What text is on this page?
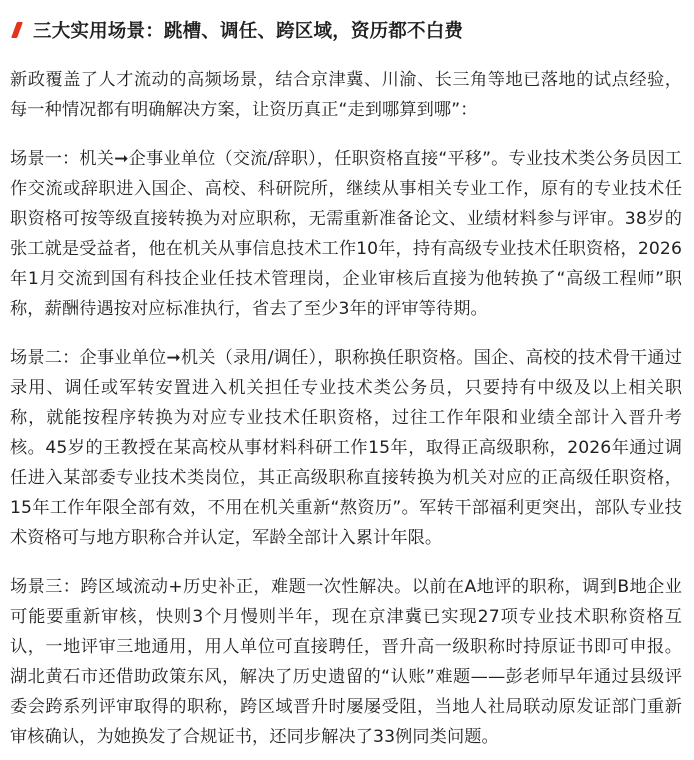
三大实用场景：跳槽、调任、跨区域，资历都不白费

新政覆盖了人才流动的高频场景，结合京津冀、川渝、长三角等地已落地的试点经验，每一种情况都有明确解决方案，让资历真正“走到哪算到哪”：

场景一：机关➞企事业单位（交流/辞职），任职资格直接“平移”。专业技术类公务员因工作交流或辞职进入国企、高校、科研院所，继续从事相关专业工作，原有的专业技术任职资格可按等级直接转换为对应职称，无需重新准备论文、业绩材料参与评审。38岁的张工就是受益者，他在机关从事信息技术工作10年，持有高级专业技术任职资格，2026年1月交流到国有科技企业任技术管理岗，企业审核后直接为他转换了“高级工程师”职称，薪酬待遇按对应标准执行，省去了至少3年的评审等待期。

场景二：企事业单位➞机关（录用/调任），职称换任职资格。国企、高校的技术骨干通过录用、调任或军转安置进入机关担任专业技术类公务员，只要持有中级及以上相关职称，就能按程序转换为对应专业技术任职资格，过往工作年限和业绩全部计入晋升考核。45岁的王教授在某高校从事材料科研工作15年，取得正高级职称，2026年通过调任进入某部委专业技术类岗位，其正高级职称直接转换为机关对应的正高级任职资格，15年工作年限全部有效，不用在机关重新“熬资历”。军转干部福利更突出，部队专业技术资格可与地方职称合并认定，军龄全部计入累计年限。

场景三：跨区域流动+历史补正，难题一次性解决。以前在A地评的职称，调到B地企业可能要重新审核，快则3个月慢则半年，现在京津冀已实现27项专业技术职称资格互认，一地评审三地通用，用人单位可直接聘任，晋升高一级职称时持原证书即可申报。湖北黄石市还借助政策东风，解决了历史遗留的“认账”难题——彭老师早年通过县级评委会跨系列评审取得的职称，跨区域晋升时屡屡受阻，当地人社局联动原发证部门重新审核确认，为她换发了合规证书，还同步解决了33例同类问题。
